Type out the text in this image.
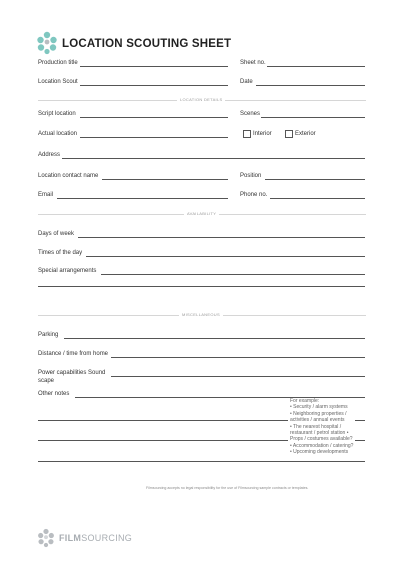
LOCATION SCOUTING SHEET
Production title	Sheet no.
Location Scout	Date
LOCATION DETAILS
Script location	Scenes
Actual location	Interior	Exterior
Address
Location contact name	Position
Email	Phone no.
AVAILABILITY
Days of week
Times of the day
Special arrangements
MISCELLANEOUS
Parking
Distance / time from home
Power capabilities Sound
scape
Other notes
For example:
• Security / alarm systems
• Neighboring properties /
activities / annual events
• The nearest hospital /
restaurant / petrol station •
Props / costumes available?
• Accommodation / catering?
• Upcoming developments
Filmsourcing accepts no legal responsibility for the use of Filmsourcing sample contracts or templates.
FILMSOURCING
